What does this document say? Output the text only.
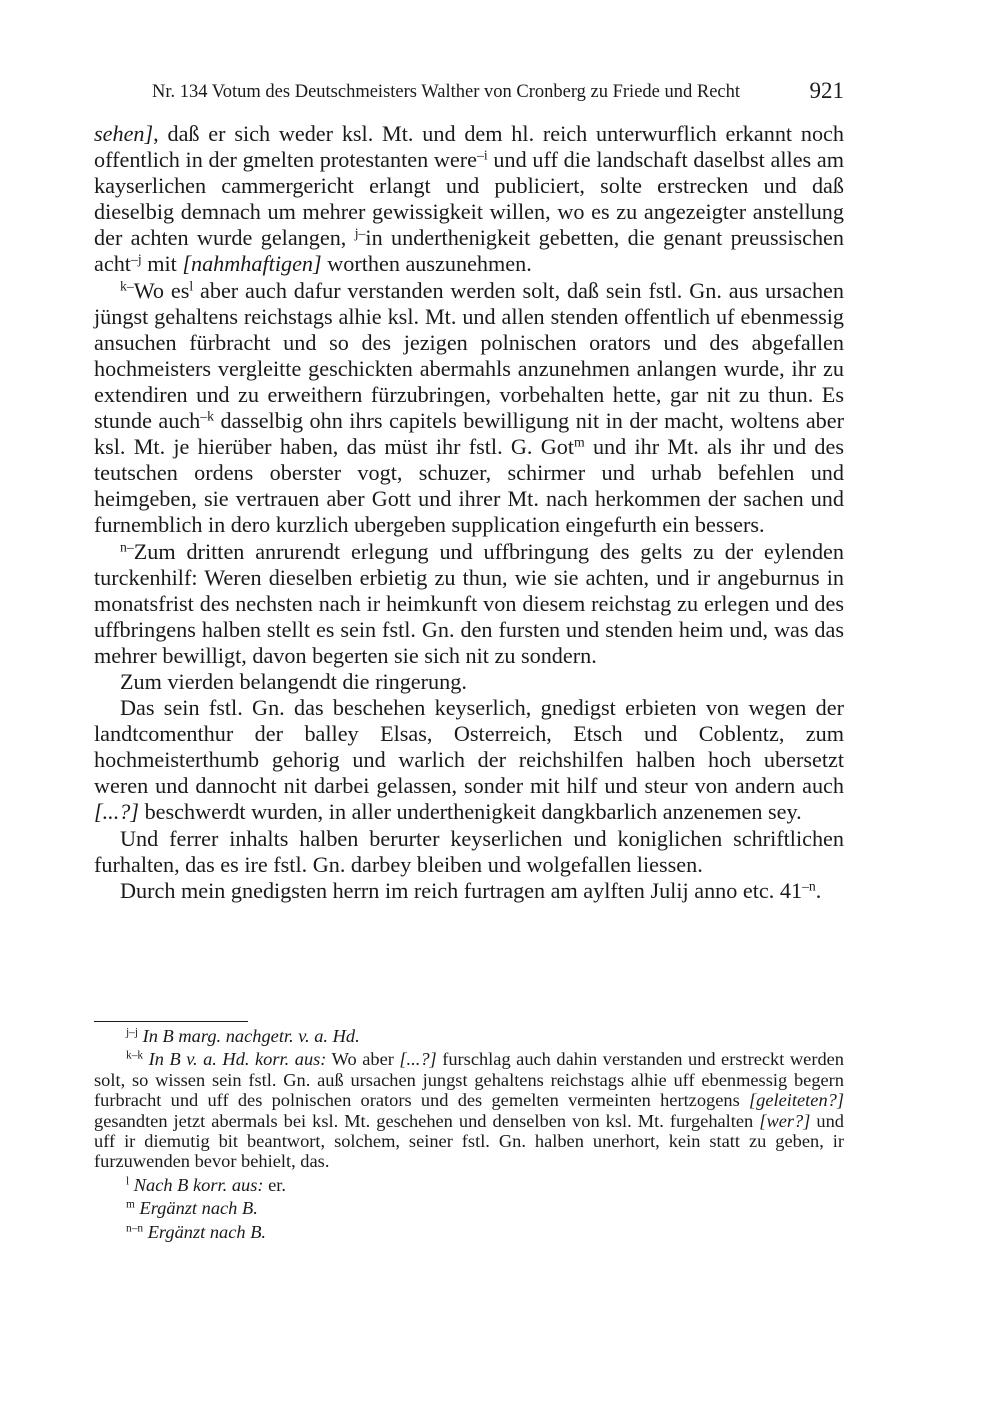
Nr. 134 Votum des Deutschmeisters Walther von Cronberg zu Friede und Recht	921

sehen], daß er sich weder ksl. Mt. und dem hl. reich unterwurflich erkannt noch offentlich in der gmelten protestanten were$^{-i}$ und uff die landschaft daselbst alles am kayserlichen cammergericht erlangt und publiciert, solte erstrecken und daß dieselbig demnach um mehrer gewissigkeit willen, wo es zu angezeigter anstellung der achten wurde gelangen, $^{j-}$in underthenigkeit gebetten, die genant preussischen acht$^{-j}$ mit [nahmhaftigen] worthen auszunehmen.

$^{k-}$Wo $es^l$ aber auch dafur verstanden werden solt, daß sein fstl. Gn. aus ursachen jüngst gehaltens reichstags alhie ksl. Mt. und allen stenden offentlich uf ebenmessig ansuchen fürbracht und so des jezigen polnischen orators und des abgefallen hochmeisters vergleitte geschickten abermahls anzunehmen anlangen wurde, ihr zu extendiren und zu erweithern fürzubringen, vorbehalten hette, gar nit zu thun. Es stunde auch$^{-k}$ dasselbig ohn ihrs capitels bewilligung nit in der macht, woltens aber ksl. Mt. je hierüber haben, das müst ihr fstl. G. Got$^m$ und ihr Mt. als ihr und des teutschen ordens oberster vogt, schuzer, schirmer und urhab befehlen und heimgeben, sie vertrauen aber Gott und ihrer Mt. nach herkommen der sachen und furnemblich in dero kurzlich ubergeben supplication eingefurth ein bessers.

$^{n-}$Zum dritten anrurendt erlegung und uffbringung des gelts zu der eylenden turckenhilf: Weren dieselben erbietig zu thun, wie sie achten, und ir angeburnus in monatsfrist des nechsten nach ir heimkunft von diesem reichstag zu erlegen und des uffbringens halben stellt es sein fstl. Gn. den fursten und stenden heim und, was das mehrer bewilligt, davon begerten sie sich nit zu sondern.

Zum vierden belangendt die ringerung.

Das sein fstl. Gn. das beschehen keyserlich, gnedigst erbieten von wegen der landtcomenthur der balley Elsas, Osterreich, Etsch und Coblentz, zum hochmeisterthumb gehorig und warlich der reichshilfen halben hoch ubersetzt weren und dannocht nit darbei gelassen, sonder mit hilf und steur von andern auch [...?] beschwerdt wurden, in aller underthenigkeit dangkbarlich anzenemen sey.

Und ferrer inhalts halben berurter keyserlichen und koniglichen schriftlichen furhalten, das es ire fstl. Gn. darbey bleiben und wolgefallen liessen.

Durch mein gnedigsten herrn im reich furtragen am aylften Julij anno etc. $41^{-n}$.

$^{j-j}$ In B marg. nachgetr. v. a. Hd.

$^{k-k}$ In B v. a. Hd. korr. aus: Wo aber [...?] furschlag auch dahin verstanden und erstreckt werden solt, so wissen sein fstl. Gn. auß ursachen jungst gehaltens reichstags alhie uff ebenmessig begern furbracht und uff des polnischen orators und des gemelten vermeinten hertzogens [geleiteten?] gesandten jetzt abermals bei ksl. Mt. geschehen und denselben von ksl. Mt. furgehalten [wer?] und uff ir diemutig bit beantwort, solchem, seiner fstl. Gn. halben unerhort, kein statt zu geben, ir furzuwenden bevor behielt, das.

$^l$ Nach B korr. aus: er.

$^m$ Ergänzt nach B.

$^{n-n}$ Ergänzt nach B.
